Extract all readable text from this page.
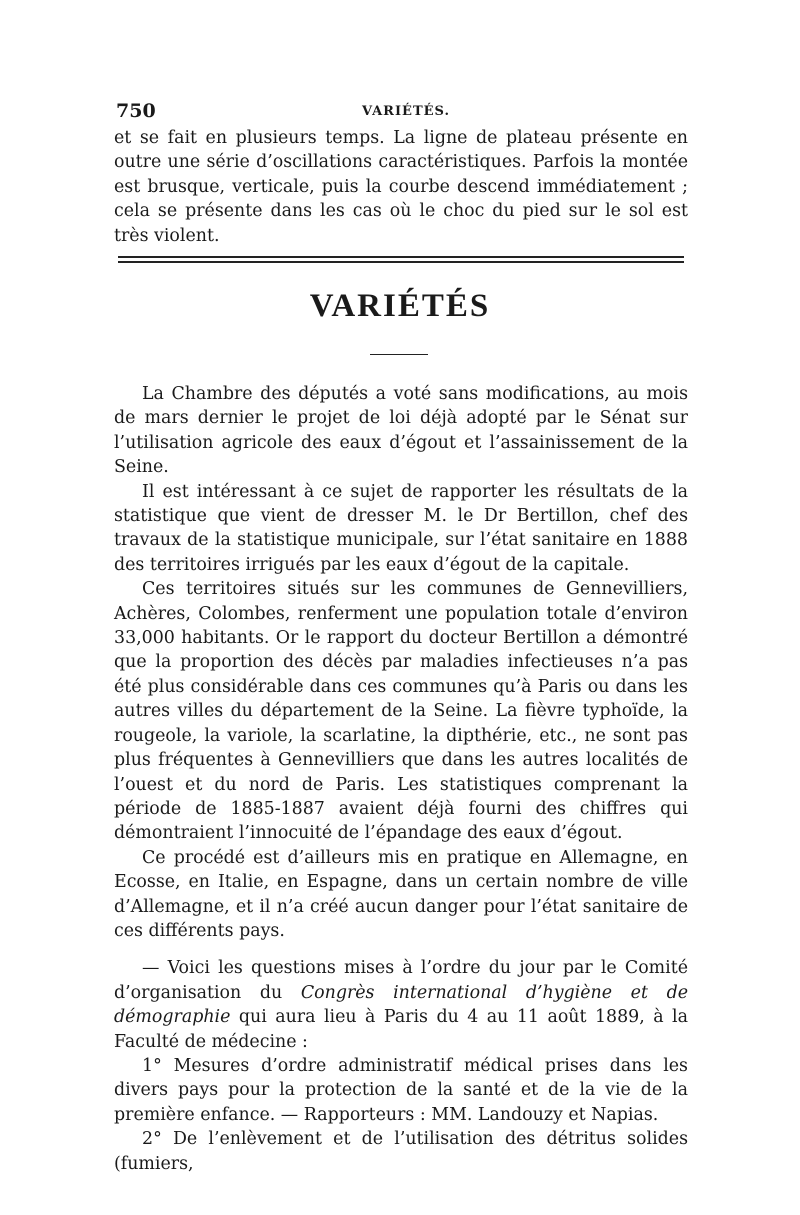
750	VARIÉTÉS.

et se fait en plusieurs temps. La ligne de plateau présente en outre une série d’oscillations caractéristiques. Parfois la montée est brusque, verticale, puis la courbe descend immédiatement ; cela se présente dans les cas où le choc du pied sur le sol est très violent.

VARIÉTÉS

La Chambre des députés a voté sans modifications, au mois de mars dernier le projet de loi déjà adopté par le Sénat sur l’utilisation agricole des eaux d’égout et l’assainissement de la Seine.

Il est intéressant à ce sujet de rapporter les résultats de la statistique que vient de dresser M. le Dr Bertillon, chef des travaux de la statistique municipale, sur l’état sanitaire en 1888 des territoires irrigués par les eaux d’égout de la capitale.

Ces territoires situés sur les communes de Gennevilliers, Achères, Colombes, renferment une population totale d’environ 33,000 habitants. Or le rapport du docteur Bertillon a démontré que la proportion des décès par maladies infectieuses n’a pas été plus considérable dans ces communes qu’à Paris ou dans les autres villes du département de la Seine. La fièvre typhoïde, la rougeole, la variole, la scarlatine, la dipthérie, etc., ne sont pas plus fréquentes à Gennevilliers que dans les autres localités de l’ouest et du nord de Paris. Les statistiques comprenant la période de 1885-1887 avaient déjà fourni des chiffres qui démontraient l’innocuité de l’épandage des eaux d’égout.

Ce procédé est d’ailleurs mis en pratique en Allemagne, en Ecosse, en Italie, en Espagne, dans un certain nombre de ville d’Allemagne, et il n’a créé aucun danger pour l’état sanitaire de ces différents pays.

— Voici les questions mises à l’ordre du jour par le Comité d’organisation du Congrès international d’hygiène et de démographie qui aura lieu à Paris du 4 au 11 août 1889, à la Faculté de médecine :

1° Mesures d’ordre administratif médical prises dans les divers pays pour la protection de la santé et de la vie de la première enfance. — Rapporteurs : MM. Landouzy et Napias.

2° De l’enlèvement et de l’utilisation des détritus solides (fumiers,
